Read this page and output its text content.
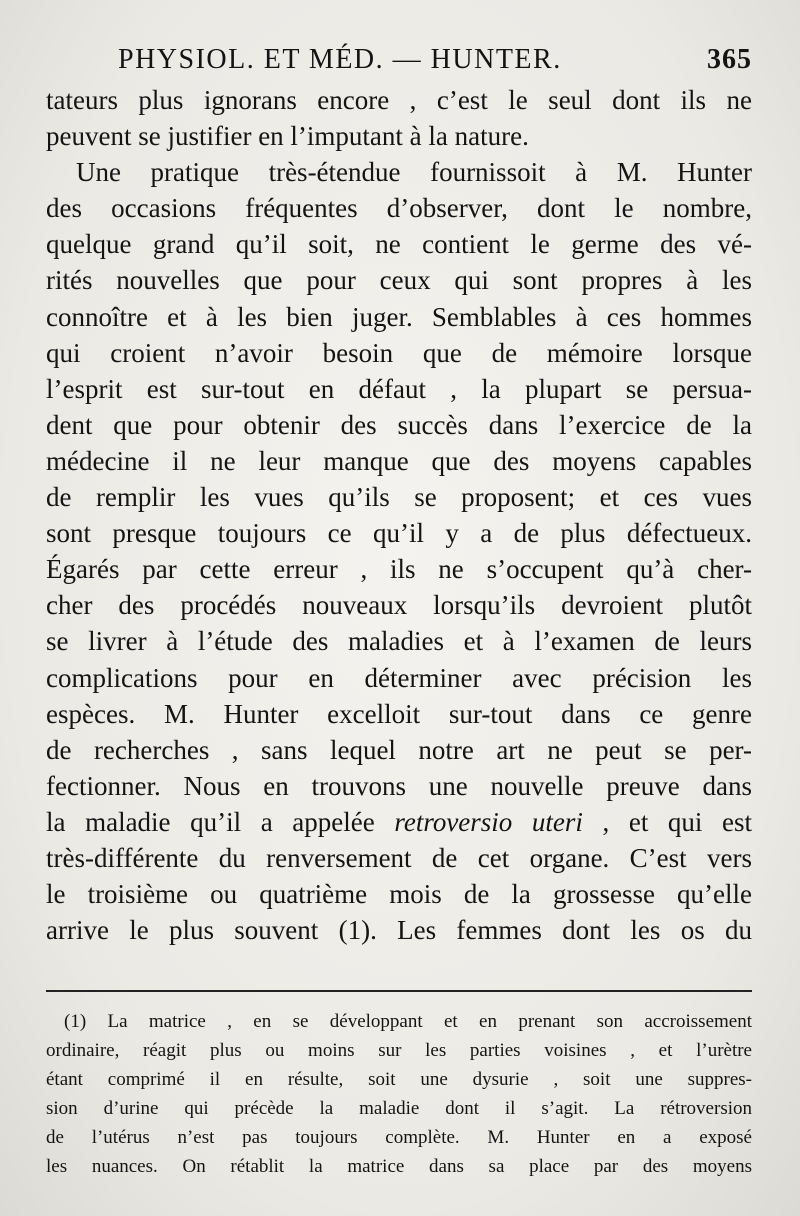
PHYSIOL. ET MÉD. — HUNTER.	365
tateurs plus ignorans encore , c’est le seul dont ils ne
peuvent se justifier en l’imputant à la nature.
Une pratique très-étendue fournissoit à M. Hunter
des occasions fréquentes d’observer, dont le nombre,
quelque grand qu’il soit, ne contient le germe des vé-
rités nouvelles que pour ceux qui sont propres à les
connoître et à les bien juger. Semblables à ces hommes
qui croient n’avoir besoin que de mémoire lorsque
l’esprit est sur-tout en défaut , la plupart se persua-
dent que pour obtenir des succès dans l’exercice de la
médecine il ne leur manque que des moyens capables
de remplir les vues qu’ils se proposent; et ces vues
sont presque toujours ce qu’il y a de plus défectueux.
Égarés par cette erreur , ils ne s’occupent qu’à cher-
cher des procédés nouveaux lorsqu’ils devroient plutôt
se livrer à l’étude des maladies et à l’examen de leurs
complications pour en déterminer avec précision les
espèces. M. Hunter excelloit sur-tout dans ce genre
de recherches , sans lequel notre art ne peut se per-
fectionner. Nous en trouvons une nouvelle preuve dans
la maladie qu’il a appelée retroversio uteri , et qui est
très-différente du renversement de cet organe. C’est vers
le troisième ou quatrième mois de la grossesse qu’elle
arrive le plus souvent (1). Les femmes dont les os du
(1) La matrice , en se développant et en prenant son accroissement
ordinaire, réagit plus ou moins sur les parties voisines , et l’urètre
étant comprimé il en résulte, soit une dysurie , soit une suppres-
sion d’urine qui précède la maladie dont il s’agit. La rétroversion
de l’utérus n’est pas toujours complète. M. Hunter en a exposé
les nuances. On rétablit la matrice dans sa place par des moyens
